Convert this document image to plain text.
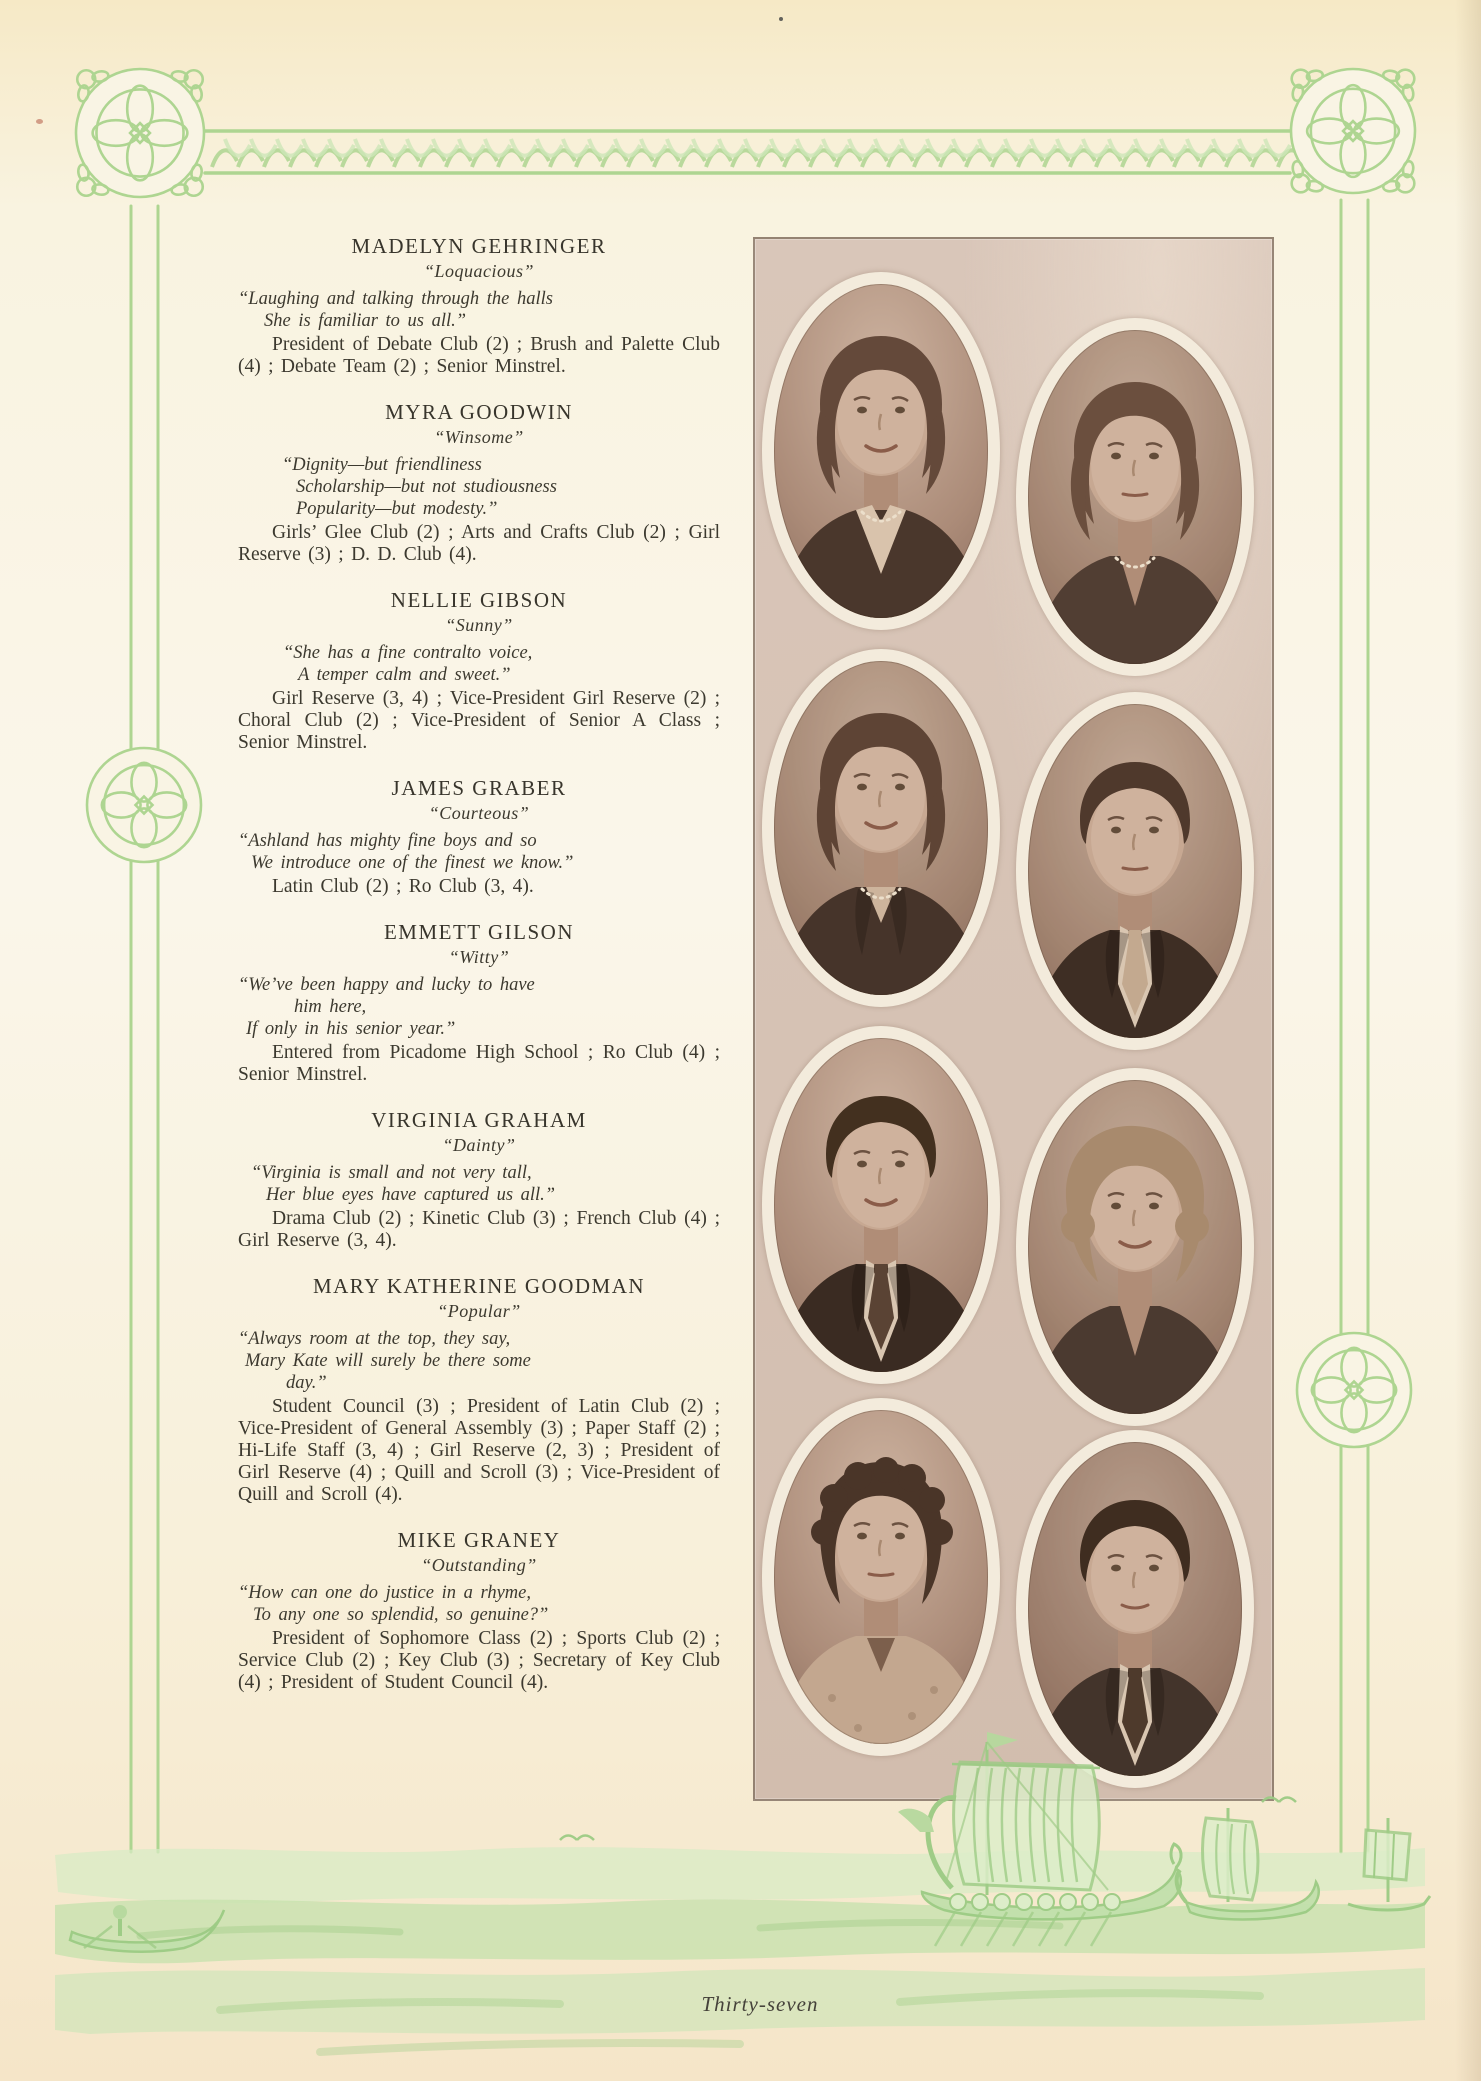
MADELYN GEHRINGER
“Loquacious”
“Laughing and talking through the halls
She is familiar to us all.”

President of Debate Club (2) ; Brush and Palette Club (4) ; Debate Team (2) ; Senior Minstrel.

MYRA GOODWIN
“Winsome”
“Dignity—but friendliness
Scholarship—but not studiousness
Popularity—but modesty.”

Girls’ Glee Club (2) ; Arts and Crafts Club (2) ; Girl Reserve (3) ; D. D. Club (4).

NELLIE GIBSON
“Sunny”
“She has a fine contralto voice,
A temper calm and sweet.”

Girl Reserve (3, 4) ; Vice-President Girl Reserve (2) ; Choral Club (2) ; Vice-President of Senior A Class ; Senior Minstrel.

JAMES GRABER
“Courteous”
“Ashland has mighty fine boys and so
We introduce one of the finest we know.”

Latin Club (2) ; Ro Club (3, 4).

EMMETT GILSON
“Witty”
“We’ve been happy and lucky to have
him here,
If only in his senior year.”

Entered from Picadome High School ; Ro Club (4) ; Senior Minstrel.

VIRGINIA GRAHAM
“Dainty”
“Virginia is small and not very tall,
Her blue eyes have captured us all.”

Drama Club (2) ; Kinetic Club (3) ; French Club (4) ; Girl Reserve (3, 4).

MARY KATHERINE GOODMAN
“Popular”
“Always room at the top, they say,
Mary Kate will surely be there some
day.”

Student Council (3) ; President of Latin Club (2) ; Vice-President of General Assembly (3) ; Paper Staff (2) ; Hi-Life Staff (3, 4) ; Girl Reserve (2, 3) ; President of Girl Reserve (4) ; Quill and Scroll (3) ; Vice-President of Quill and Scroll (4).

MIKE GRANEY
“Outstanding”
“How can one do justice in a rhyme,
To any one so splendid, so genuine?”

President of Sophomore Class (2) ; Sports Club (2) ; Service Club (2) ; Key Club (3) ; Secretary of Key Club (4) ; President of Student Council (4).

Thirty-seven
